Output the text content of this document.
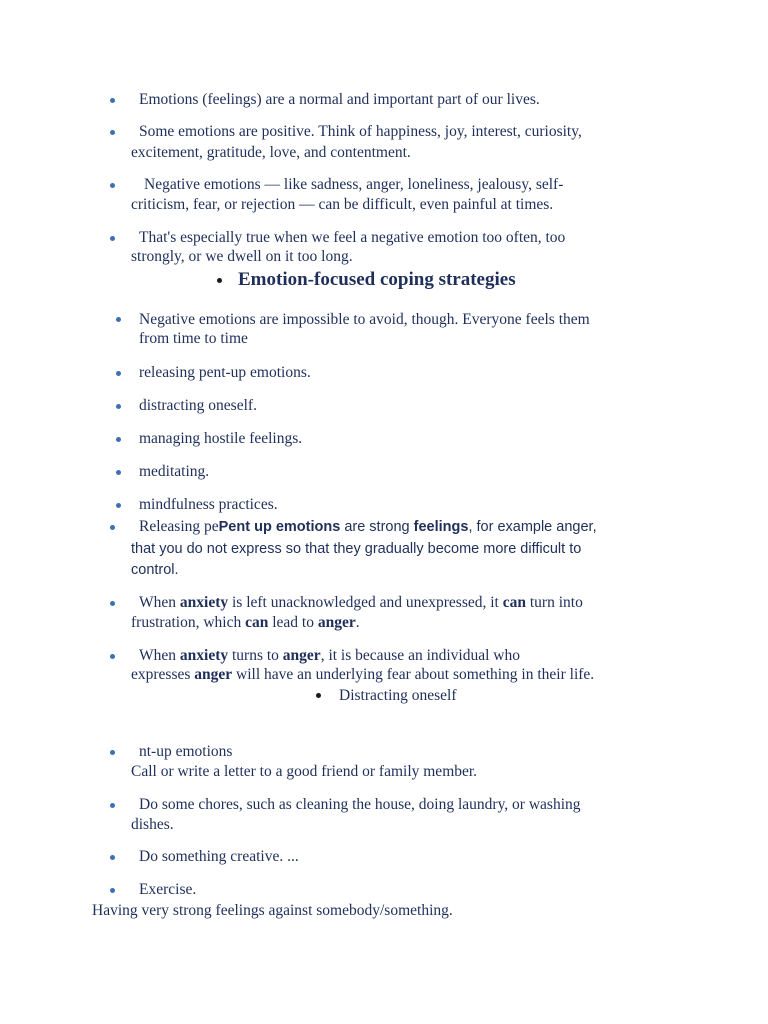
Emotions (feelings) are a normal and important part of our lives.
Some emotions are positive. Think of happiness, joy, interest, curiosity,
excitement, gratitude, love, and contentment.
Negative emotions — like sadness, anger, loneliness, jealousy, self-
criticism, fear, or rejection — can be difficult, even painful at times.
That's especially true when we feel a negative emotion too often, too
strongly, or we dwell on it too long.
Emotion-focused coping strategies
Negative emotions are impossible to avoid, though. Everyone feels them
from time to time
releasing pent-up emotions.
distracting oneself.
managing hostile feelings.
meditating.
mindfulness practices.
Releasing pePent up emotions are strong feelings, for example anger,
that you do not express so that they gradually become more difficult to
control.
When anxiety is left unacknowledged and unexpressed, it can turn into
frustration, which can lead to anger.
When anxiety turns to anger, it is because an individual who
expresses anger will have an underlying fear about something in their life.
Distracting oneself
nt-up emotions
Call or write a letter to a good friend or family member.
Do some chores, such as cleaning the house, doing laundry, or washing
dishes.
Do something creative. ...
Exercise.
Having very strong feelings against somebody/something.
